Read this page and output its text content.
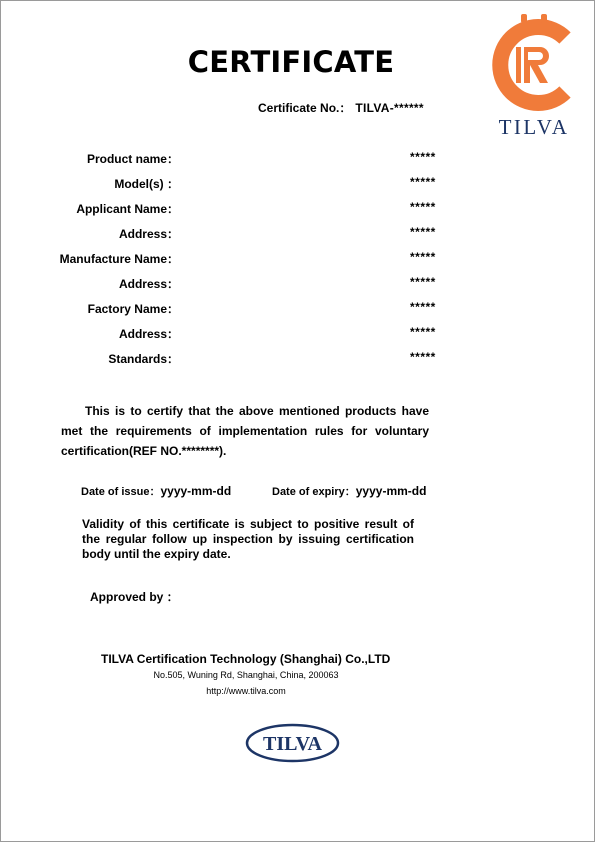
TILVA
CERTIFICATE
Certificate No.： TILVA-******
Product name：	*****
Model(s) ：	*****
Applicant Name：	*****
Address：	*****
Manufacture Name：	*****
Address：	*****
Factory Name：	*****
Address：	*****
Standards：	*****
This is to certify that the above mentioned products have met the requirements of implementation rules for voluntary certification(REF NO.********).
Date of issue：yyyy-mm-dd	Date of expiry：yyyy-mm-dd
Validity of this certificate is subject to positive result of the regular follow up inspection by issuing certification body until the expiry date.
Approved by ：
TILVA Certification Technology (Shanghai) Co.,LTD
No.505, Wuning Rd, Shanghai, China, 200063
http://www.tilva.com
TILVA
